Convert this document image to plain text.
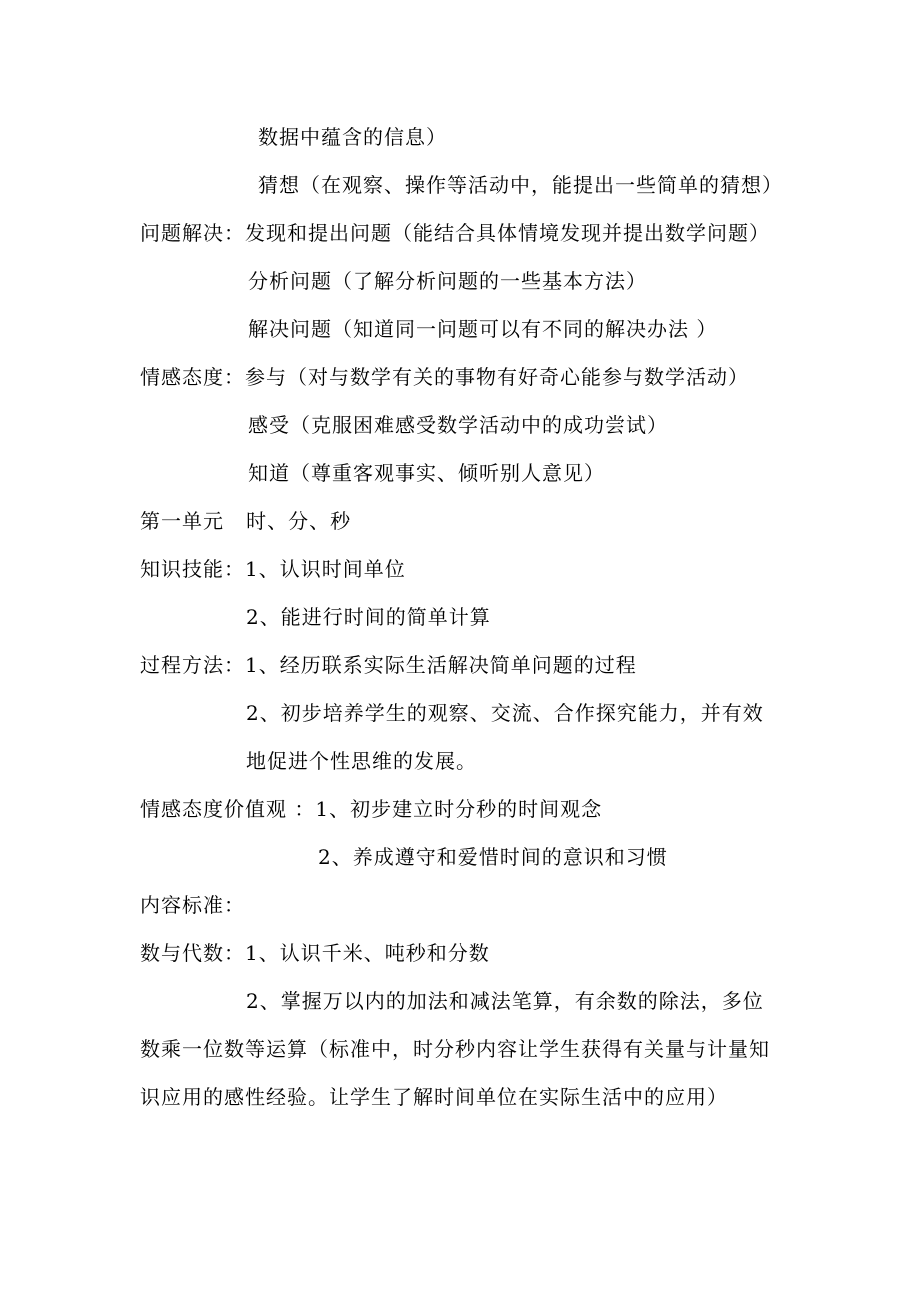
数据中蕴含的信息）
猜想（在观察、操作等活动中，能提出一些简单的猜想）
问题解决：发现和提出问题（能结合具体情境发现并提出数学问题）
分析问题（了解分析问题的一些基本方法）
解决问题（知道同一问题可以有不同的解决办法 ）
情感态度：参与（对与数学有关的事物有好奇心能参与数学活动）
感受（克服困难感受数学活动中的成功尝试）
知道（尊重客观事实、倾听别人意见）
第一单元   时、分、秒
知识技能：1、认识时间单位
2、能进行时间的简单计算
过程方法：1、经历联系实际生活解决简单问题的过程
2、初步培养学生的观察、交流、合作探究能力，并有效
地促进个性思维的发展。
情感态度价值观 ：1、初步建立时分秒的时间观念
2、养成遵守和爱惜时间的意识和习惯
内容标准：
数与代数：1、认识千米、吨秒和分数
2、掌握万以内的加法和减法笔算，有余数的除法，多位
数乘一位数等运算（标准中，时分秒内容让学生获得有关量与计量知
识应用的感性经验。让学生了解时间单位在实际生活中的应用）
